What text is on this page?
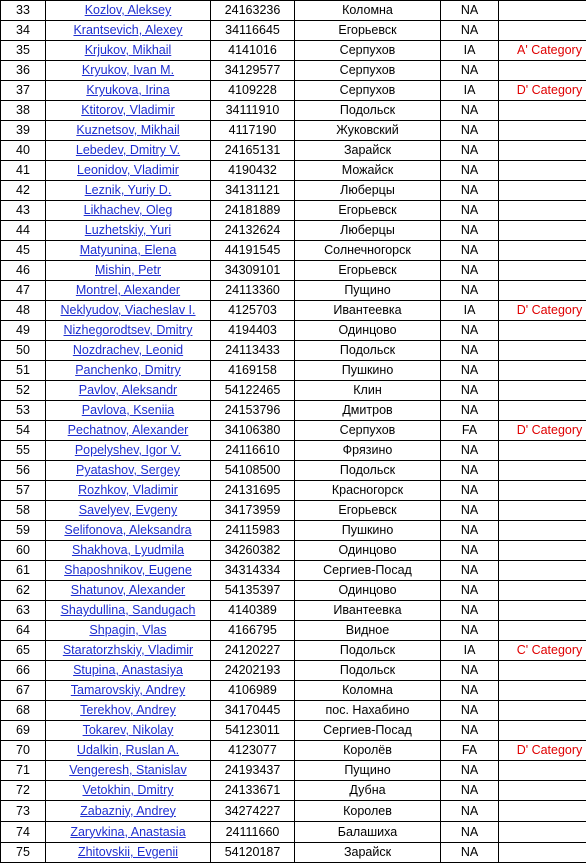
33	Kozlov, Aleksey	24163236	Коломна	NA	
34	Krantsevich, Alexey	34116645	Егорьевск	NA	
35	Krjukov, Mikhail	4141016	Серпухов	IA	A' Category
36	Kryukov, Ivan M.	34129577	Серпухов	NA	
37	Kryukova, Irina	4109228	Серпухов	IA	D' Category
38	Ktitorov, Vladimir	34111910	Подольск	NA	
39	Kuznetsov, Mikhail	4117190	Жуковский	NA	
40	Lebedev, Dmitry V.	24165131	Зарайск	NA	
41	Leonidov, Vladimir	4190432	Можайск	NA	
42	Leznik, Yuriy D.	34131121	Люберцы	NA	
43	Likhachev, Oleg	24181889	Егорьевск	NA	
44	Luzhetskiy, Yuri	24132624	Люберцы	NA	
45	Matyunina, Elena	44191545	Солнечногорск	NA	
46	Mishin, Petr	34309101	Егорьевск	NA	
47	Montrel, Alexander	24113360	Пущино	NA	
48	Neklyudov, Viacheslav I.	4125703	Ивантеевка	IA	D' Category
49	Nizhegorodtsev, Dmitry	4194403	Одинцово	NA	
50	Nozdrachev, Leonid	24113433	Подольск	NA	
51	Panchenko, Dmitry	4169158	Пушкино	NA	
52	Pavlov, Aleksandr	54122465	Клин	NA	
53	Pavlova, Kseniia	24153796	Дмитров	NA	
54	Pechatnov, Alexander	34106380	Серпухов	FA	D' Category
55	Popelyshev, Igor V.	24116610	Фрязино	NA	
56	Pyatashov, Sergey	54108500	Подольск	NA	
57	Rozhkov, Vladimir	24131695	Красногорск	NA	
58	Savelyev, Evgeny	34173959	Егорьевск	NA	
59	Selifonova, Aleksandra	24115983	Пушкино	NA	
60	Shakhova, Lyudmila	34260382	Одинцово	NA	
61	Shaposhnikov, Eugene	34314334	Сергиев-Посад	NA	
62	Shatunov, Alexander	54135397	Одинцово	NA	
63	Shaydullina, Sandugach	4140389	Ивантеевка	NA	
64	Shpagin, Vlas	4166795	Видное	NA	
65	Staratorzhskiy, Vladimir	24120227	Подольск	IA	C' Category
66	Stupina, Anastasiya	24202193	Подольск	NA	
67	Tamarovskiy, Andrey	4106989	Коломна	NA	
68	Terekhov, Andrey	34170445	пос. Нахабино	NA	
69	Tokarev, Nikolay	54123011	Сергиев-Посад	NA	
70	Udalkin, Ruslan A.	4123077	Королёв	FA	D' Category
71	Vengeresh, Stanislav	24193437	Пущино	NA	
72	Vetokhin, Dmitry	24133671	Дубна	NA	
73	Zabazniy, Andrey	34274227	Королев	NA	
74	Zaryvkina, Anastasia	24111660	Балашиха	NA	
75	Zhitovskii, Evgenii	54120187	Зарайск	NA	
